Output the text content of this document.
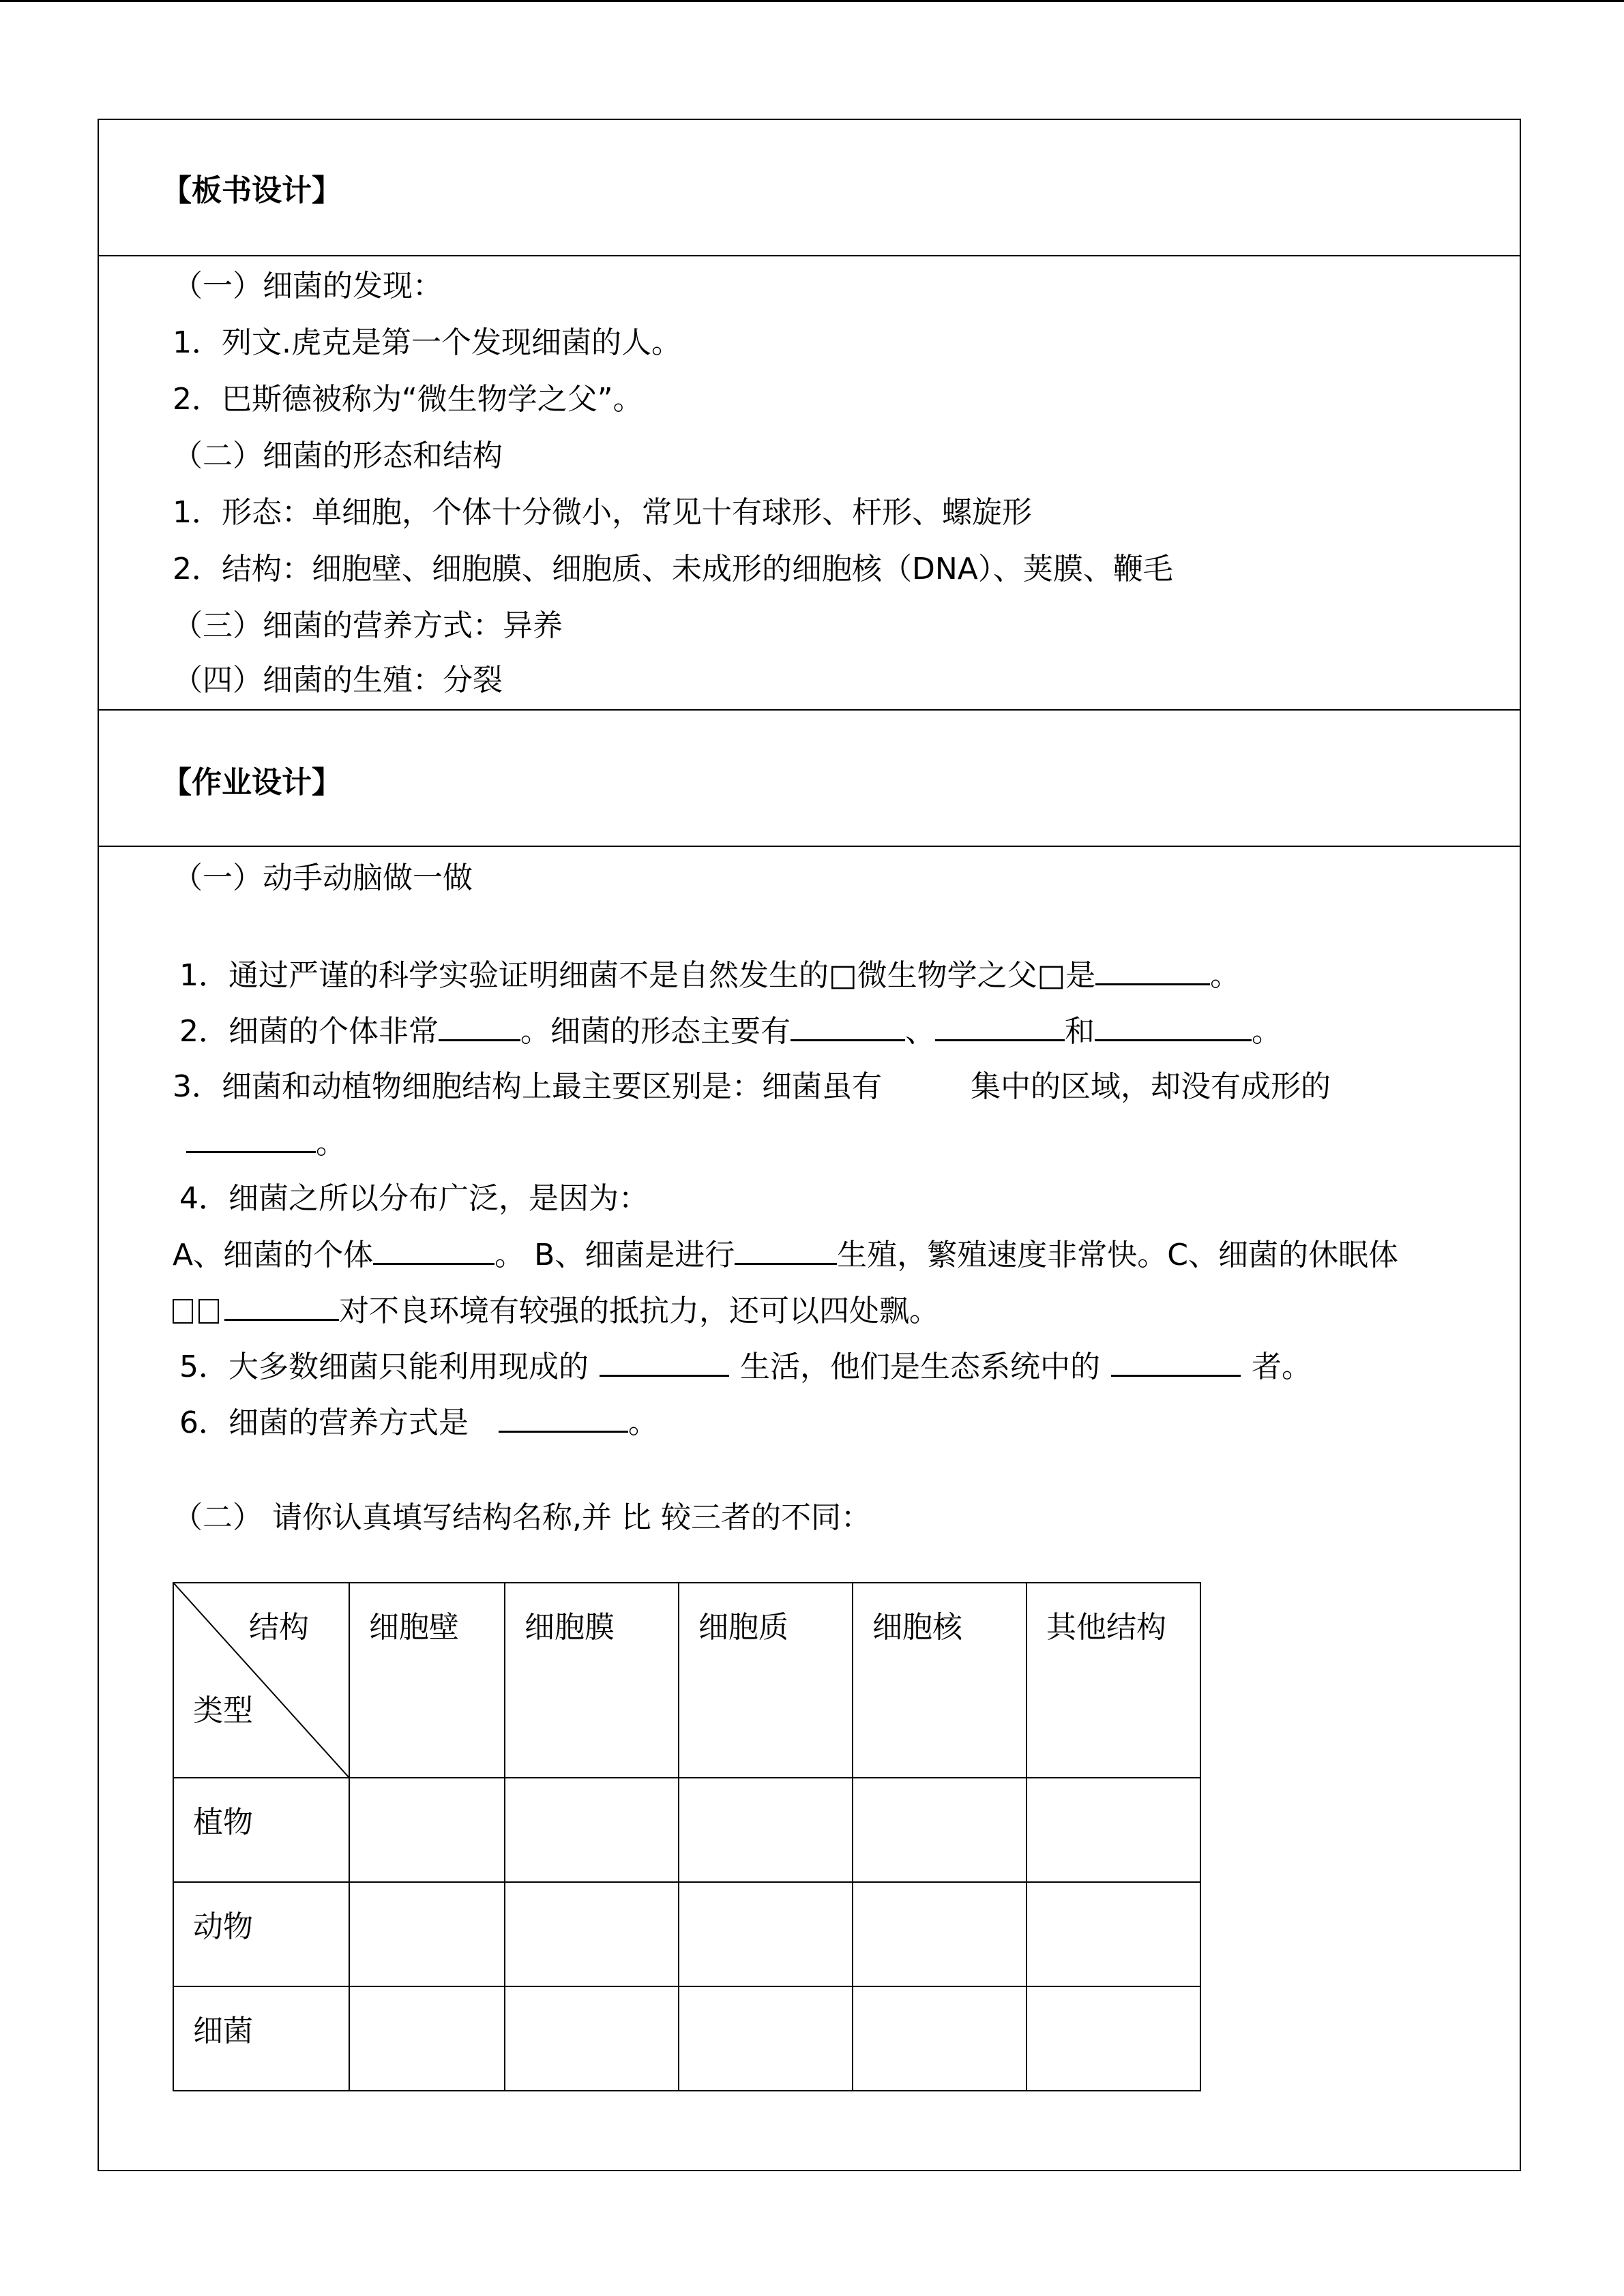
【板书设计】
（一）细菌的发现：
1．列文.虎克是第一个发现细菌的人。
2．巴斯德被称为“微生物学之父”。
（二）细菌的形态和结构
1．形态：单细胞，个体十分微小，常见十有球形、杆形、螺旋形
2．结构：细胞壁、细胞膜、细胞质、未成形的细胞核（DNA）、荚膜、鞭毛
（三）细菌的营养方式：异养
（四）细菌的生殖：分裂
【作业设计】
（一）动手动脑做一做
1．通过严谨的科学实验证明细菌不是自然发生的□微生物学之父□是	。
2．细菌的个体非常	。细菌的形态主要有	、	和	。
3．细菌和动植物细胞结构上最主要区别是：细菌虽有	集中的区域，却没有成形的
。
4．细菌之所以分布广泛，是因为：
A、细菌的个体	。 B、细菌是进行	生殖，繁殖速度非常快。C、细菌的休眠体
对不良环境有较强的抵抗力，还可以四处飘。
5．大多数细菌只能利用现成的	生活，他们是生态系统中的	者。
6．细菌的营养方式是	。
（二） 请你认真填写结构名称,并 比 较三者的不同：
结构
类型	细胞壁	细胞膜	细胞质	细胞核	其他结构
植物					
动物					
细菌					
